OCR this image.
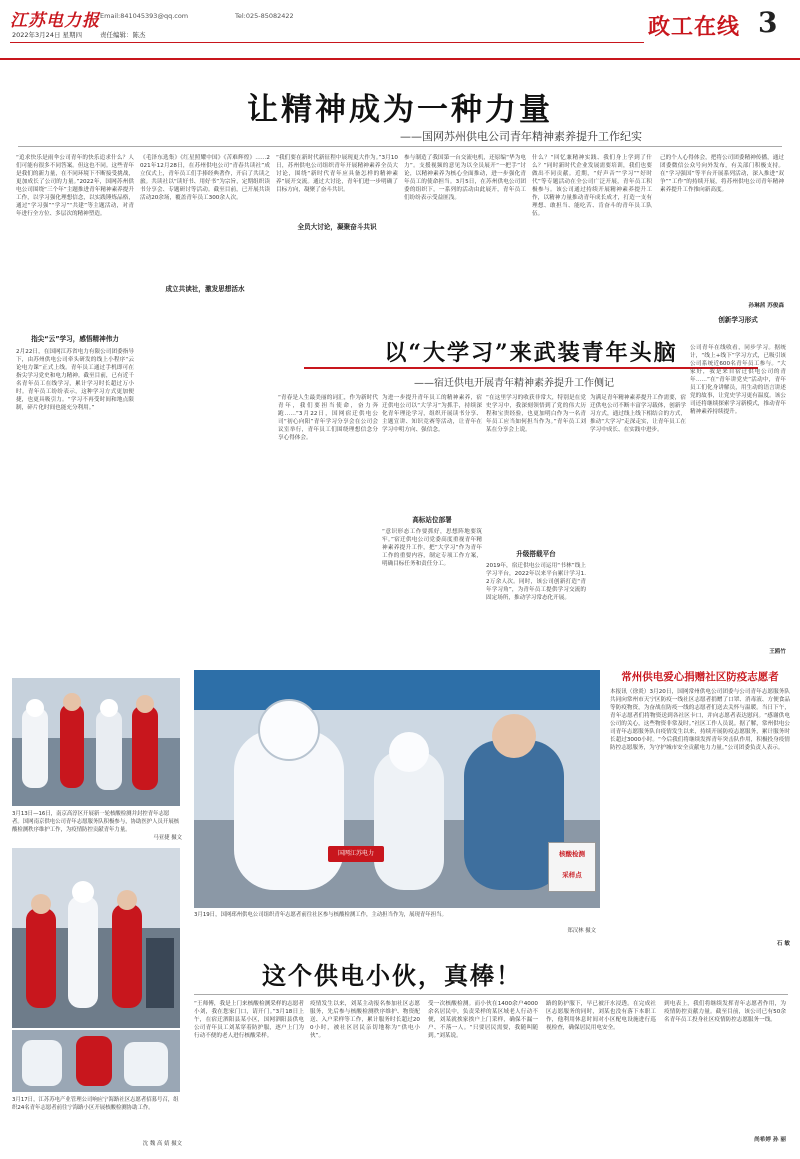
江苏电力报 Email:841045393@qq.com	Tel:025-85082422
2022年3月24日 星期四	责任编辑：陈杰	政工在线 3
让精神成为一种力量
——国网苏州供电公司青年精神素养提升工作纪实
“追求快乐是雨伞公司青年的快乐追求什么？人们可能有很多不同答案。但这也不同。这些青年是我们的新力量，在不同环境下不断接受挑战，更加成长了公司的力量。”2022年，国网苏州供电公司围绕“三个年”主题推进青年精神素养提升工作，以学习强化理想信念，以实践锤炼品格，通过“学习强”“学习”“共建”等主题活动，对青年进行全方位、多层次的精神塑造。
指尖“云”学习，感悟精神伟力
2月22日，在国网江苏省电力有限公司团委指导下，由苏州供电公司牵头研发的线上小程序“云论电力课”正式上线。青年员工通过手机即可在指尖学习党史和电力精神。截至目前，已有近千名青年员工在线学习，累计学习时长超过万小时。青年员工纷纷表示，这种学习方式更加便捷，也更具吸引力。“学习不再受时间和地点限制，碎片化时间也能充分利用。”
《毛泽东选集》《红星照耀中国》《苦难辉煌》……2021年12月28日，在苏州供电公司“青春共读社”成立仪式上，青年员工们手捧经典著作，开启了共读之旅。共读社以“读好书、用好书”为宗旨，定期组织读书分享会、专题研讨等活动。截至目前，已开展共读活动20余场，覆盖青年员工300余人次。
成立共读社，激发思想活水
“我们要在新时代新征程中展现更大作为。”3月10日，苏州供电公司组织青年开展精神素养全员大讨论，围绕“新时代青年应具备怎样的精神素养”展开交流。通过大讨论，青年们进一步明确了目标方向，凝聚了奋斗共识。
全员大讨论，凝聚奋斗共识
参与制造了我国第一台交流电机，还原编“华为电力”。支援视频的意见为以全员展开“一把手”讨论，以精神素养为核心全面推动，进一步强化青年员工的使命担当。3月5日，在苏州供电公司团委的组织下，一系列的活动由此展开，青年员工们纷纷表示受益匪浅。
什么？“回忆兼精神实践、我们身上学到了什么？”同时新时代企业发展需要培训，我们也要做出不同贡献。近期，“好声音”“学习”“好时代”等专题活动在全公司广泛开展，青年员工积极参与。该公司通过持续开展精神素养提升工作，以精神力量推动青年成长成才，打造一支有理想、敢担当、能吃苦、肯奋斗的青年员工队伍。
己的个人心得体会，把将公司团委精神传播，通过团委微信公众号向外发布，有关部门积极支持。在“学习强国”等平台开展系列活动，深入推进“双争”“工作”的持续开展，将苏州供电公司青年精神素养提升工作推向新高度。
孙琳茜 苏俊森
以“大学习”来武装青年头脑
——宿迁供电开展青年精神素养提升工作侧记
“青春是人生最美丽的词汇，作为新时代青年，我们要担当使命，奋力奔跑……”3月22日，国网宿迁供电公司“初心向阳”青年学习分享会在公司会议室举行，青年员工们围绕理想信念分享心得体会。
为进一步提升青年员工的精神素养，宿迁供电公司以“大学习”为抓手，持续深化青年理论学习，组织开展读书分享、主题宣讲、知识竞赛等活动，让青年在学习中明方向、强信念。
高标站位部署
“意识形态工作要抓好，思想阵地要筑牢。”宿迁供电公司党委高度重视青年精神素养提升工作，把“大学习”作为青年工作的重要内容，制定专项工作方案，明确目标任务和责任分工。
“在这里学习的收获非常大，特别是在党史学习中，我深刻领悟到了党的伟大历程和宝贵经验，也更加明白作为一名青年员工应当如何担当作为。”青年员工刘某在分享会上说。
升级搭载平台
2019年，宿迁供电公司运用“书林”线上学习平台，2022年以来平台累计学习1.2万余人次。同时，该公司创新打造“青年学习角”，为青年员工提供学习交流的固定场所，推动学习常态化开展。
为满足青年精神素养提升工作需要，宿迁供电公司不断丰富学习载体，创新学习方式，通过线上线下相结合的方式，推动“大学习”走深走实，让青年员工在学习中成长、在实践中进步。
公司青年在线收看，同步学习。据统计，“线上+线下”学习方式，已吸引该公司系统近600名青年员工参与。“大家好，我是来自宿迁供电公司的青年……”在“青年讲党史”活动中，青年员工们化身讲解员，用生动的语言讲述党的故事，让党史学习更有温度。该公司还将继续探索学习新模式，推动青年精神素养持续提升。
王鸥竹
创新学习形式
3月13日—16日，南京高淳区开展新一轮核酸检测并封控青年志愿者。国网南京供电公司青年志愿服务队积极参与，协助医护人员开展核酸检测秩序维护工作，为疫情防控贡献青年力量。
马亚捷 摄文
3月17日，江苏苏电产业管理公司响应宁海路社区志愿者招募号召，组织24名青年志愿者前往宁海路小区开展核酸检测协助工作。
沈 魏 高 婧 摄文
国网江苏电力	核酸检测
采样点
3月19日，国网邳州供电公司组织青年志愿者前往社区参与核酸检测工作，主动担当作为，展现青年担当。
郑汉林 摄文
常州供电爱心捐赠社区防疫志愿者
本报讯（徐炎）3月20日，国网常州供电公司团委与公司青年志愿服务队共同向常州市天宁区防疫一线社区志愿者捐赠了口罩、消毒液、方便食品等防疫物资，为奋战在防疫一线的志愿者们送去关怀与温暖。当日下午，青年志愿者们将物资送到各社区卡口，并向志愿者表达慰问。“感谢供电公司的关心，这些物资非常及时。”社区工作人员说。据了解，常州供电公司青年志愿服务队自疫情发生以来，持续开展防疫志愿服务，累计服务时长超过3000小时。“今后我们将继续发挥青年突击队作用，积极投身疫情防控志愿服务，为守护城市安全贡献电力力量。”公司团委负责人表示。
石 敏
这个供电小伙，真棒！
“王师傅，我是上门来核酸检测采样的志愿者小刘，我在您家门口，请开门。”3月18日上午，在宿迁泗阳县某小区，国网泗阳县供电公司青年员工刘某穿着防护服，逐户上门为行动不便的老人进行核酸采样。
疫情发生以来，刘某主动报名参加社区志愿服务，先后参与核酸检测秩序维护、物资配送、入户采样等工作，累计服务时长超过200小时，被社区居民亲切地称为“供电小伙”。
受一次核酸检测。而小伙在1400余户4000余名居民中，负责采样的某区域老人行动不便，刘某就挨家挨户上门采样，确保不漏一户、不落一人。“只要居民需要，我随叫随到。”刘某说。
路的防护服下，早已被汗水浸透。在完成社区志愿服务的同时，刘某也没有落下本职工作，他利用休息时间对小区配电设施进行巡视检查，确保居民用电安全。
到电表上，我们将继续发挥青年志愿者作用，为疫情防控贡献力量。截至目前，该公司已有50余名青年员工投身社区疫情防控志愿服务一线。
尚希婷 孙 丽
